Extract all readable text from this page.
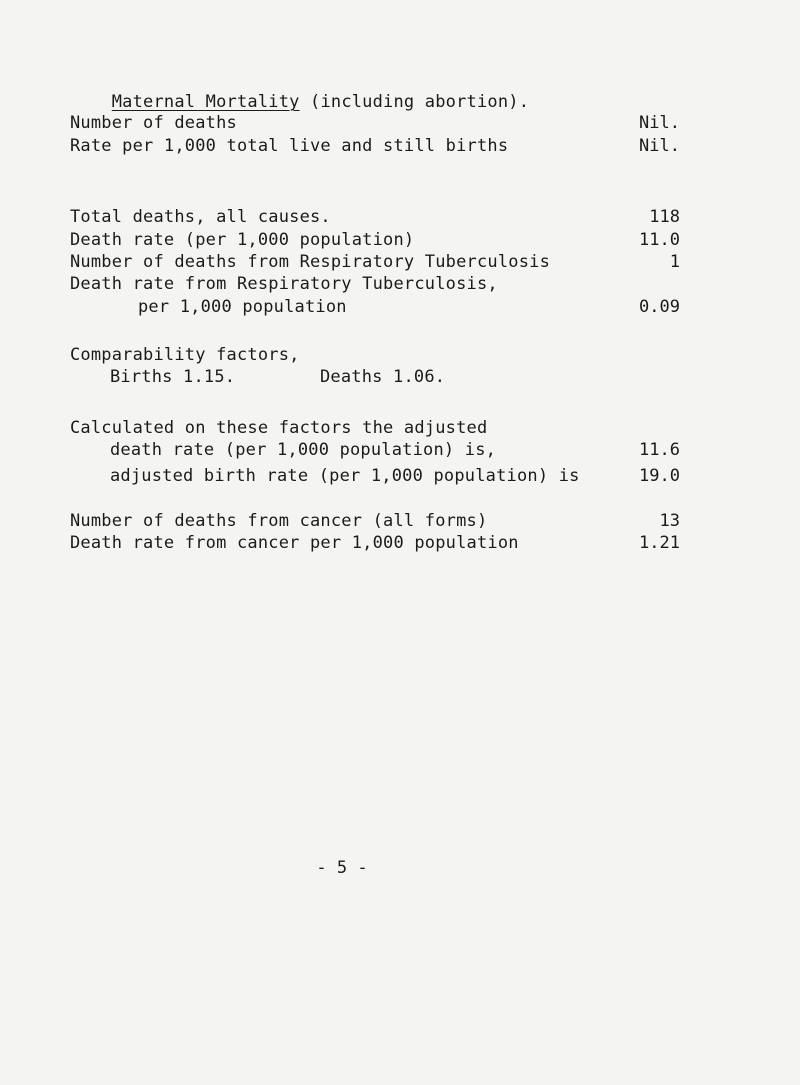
Maternal Mortality (including abortion).

Number of deaths	Nil.
Rate per 1,000 total live and still births	Nil.
Total deaths, all causes.	118
Death rate (per 1,000 population)	11.0
Number of deaths from Respiratory Tuberculosis	1
Death rate from Respiratory Tuberculosis,
per 1,000 population	0.09
Comparability factors,
Births 1.15.	Deaths 1.06.
Calculated on these factors the adjusted
death rate (per 1,000 population) is,	11.6
adjusted birth rate (per 1,000 population) is	19.0
Number of deaths from cancer (all forms)	13
Death rate from cancer per 1,000 population	1.21
- 5 -
